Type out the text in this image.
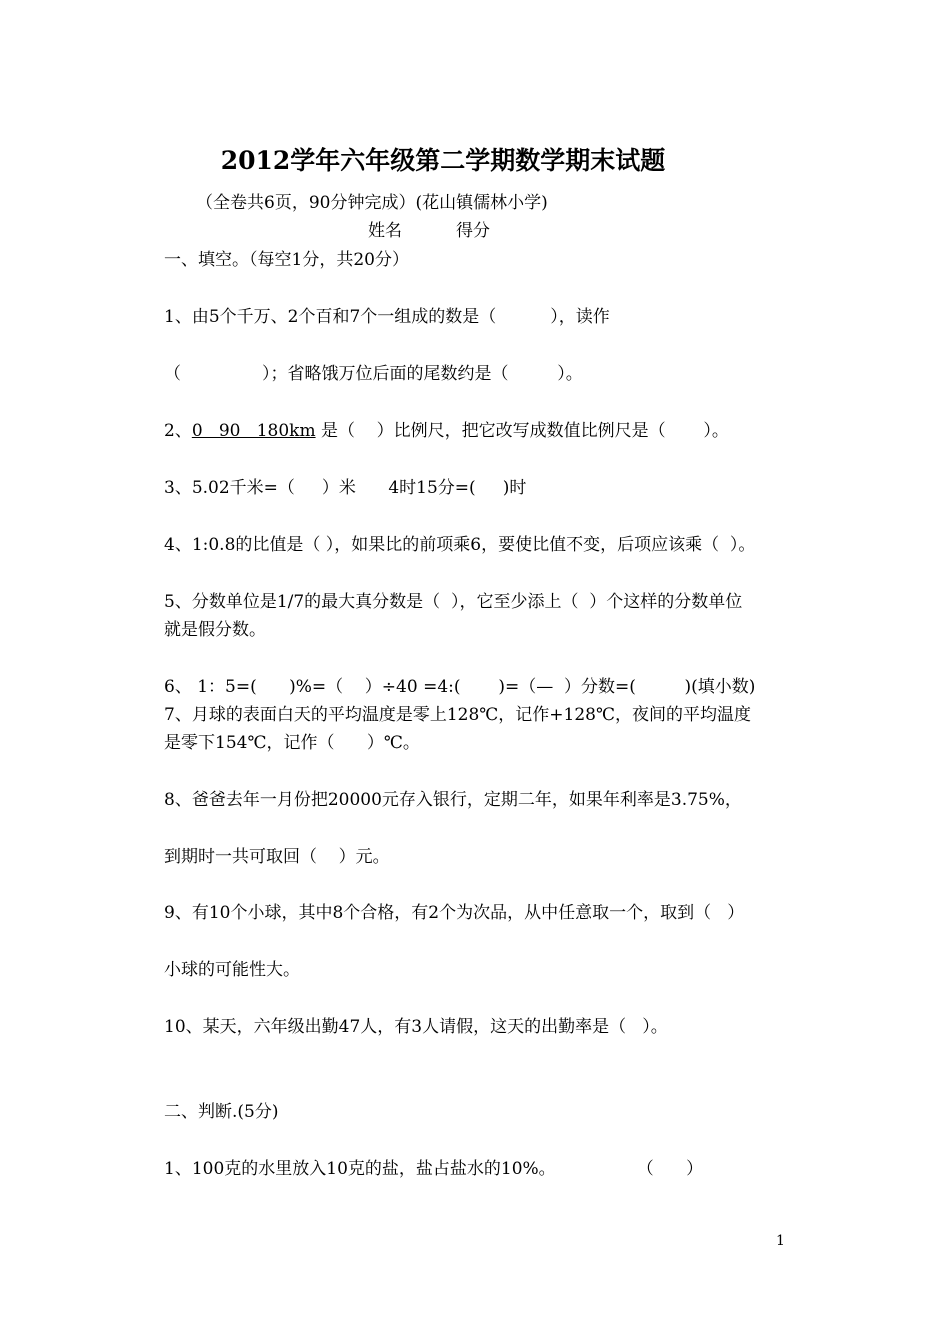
2012学年六年级第二学期数学期末试题
（全卷共6页，90分钟完成）(花山镇儒林小学)
姓名	得分
一、填空。（每空1分，共20分）
1、由5个千万、2个百和7个一组成的数是（          ），读作
（               ）；省略饿万位后面的尾数约是（         ）。
2、0   90   180km 是（    ）比例尺，把它改写成数值比例尺是（       ）。
3、5.02千米=（     ）米      4时15分=(     )时
4、1:0.8的比值是（ ），如果比的前项乘6，要使比值不变，后项应该乘（  ）。
5、分数单位是1/7的最大真分数是（  ），它至少添上（  ）个这样的分数单位
就是假分数。
6、 1：5=(      )%=（    ）÷40 =4:(       )=（—  ）分数=(         )(填小数)
7、月球的表面白天的平均温度是零上128℃，记作+128℃，夜间的平均温度
是零下154℃，记作（      ）℃。
8、爸爸去年一月份把20000元存入银行，定期二年，如果年利率是3.75%，
到期时一共可取回（    ）元。
9、有10个小球，其中8个合格，有2个为次品，从中任意取一个，取到（   ）
小球的可能性大。
10、某天，六年级出勤47人，有3人请假，这天的出勤率是（   ）。
二、判断.(5分)
1、100克的水里放入10克的盐，盐占盐水的10%。               （      ）
1
